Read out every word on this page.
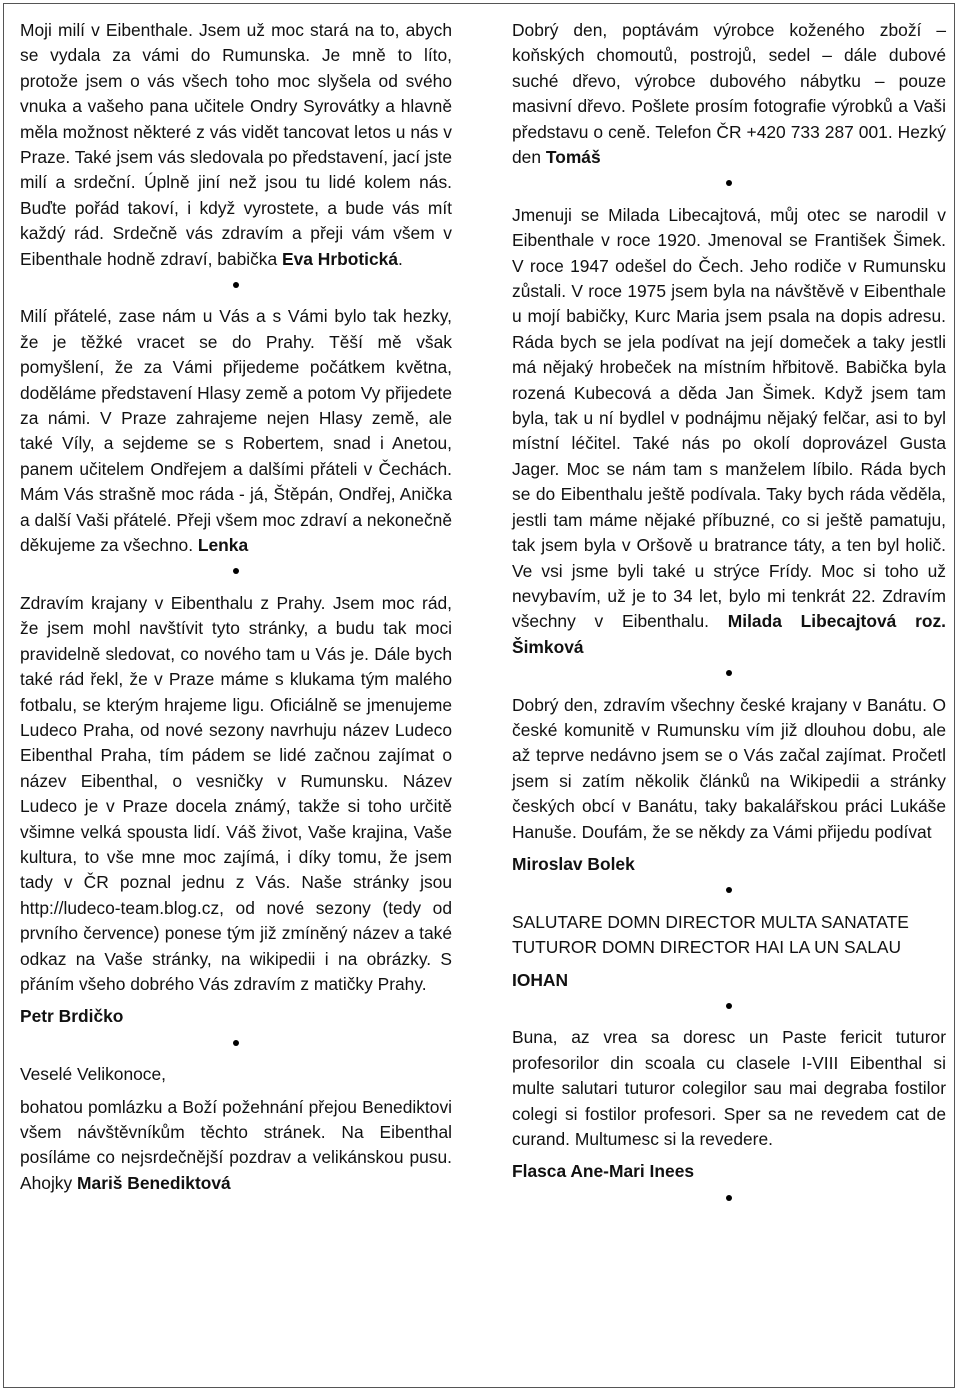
Moji milí v Eibenthale. Jsem už moc stará na to, abych se vydala za vámi do Rumunska. Je mně to líto, protože jsem o vás všech toho moc slyšela od svého vnuka a vašeho pana učitele Ondry Syrovátky a hlavně měla možnost některé z vás vidět tancovat letos u nás v Praze. Také jsem vás sledovala po představení, jací jste milí a srdeční. Úplně jiní než jsou tu lidé kolem nás. Buďte pořád takoví, i když vyrostete, a bude vás mít každý rád. Srdečně vás zdravím a přeji vám všem v Eibenthale hodně zdraví, babička Eva Hrbotická.

Milí přátelé, zase nám u Vás a s Vámi bylo tak hezky, že je těžké vracet se do Prahy. Těší mě však pomyšlení, že za Vámi přijedeme počátkem května, doděláme představení Hlasy země a potom Vy přijedete za námi. V Praze zahrajeme nejen Hlasy země, ale také Víly, a sejdeme se s Robertem, snad i Anetou, panem učitelem Ondřejem a dalšími přáteli v Čechách. Mám Vás strašně moc ráda - já, Štěpán, Ondřej, Anička a další Vaši přátelé. Přeji všem moc zdraví a nekonečně děkujeme za všechno. Lenka

Zdravím krajany v Eibenthalu z Prahy. Jsem moc rád, že jsem mohl navštívit tyto stránky, a budu tak moci pravidelně sledovat, co nového tam u Vás je. Dále bych také rád řekl, že v Praze máme s klukama tým malého fotbalu, se kterým hrajeme ligu. Oficiálně se jmenujeme Ludeco Praha, od nové sezony navrhuju název Ludeco Eibenthal Praha, tím pádem se lidé začnou zajímat o název Eibenthal, o vesničky v Rumunsku. Název Ludeco je v Praze docela známý, takže si toho určitě všimne velká spousta lidí. Váš život, Vaše krajina, Vaše kultura, to vše mne moc zajímá, i díky tomu, že jsem tady v ČR poznal jednu z Vás. Naše stránky jsou http://ludeco-team.blog.cz, od nové sezony (tedy od prvního července) ponese tým již zmíněný název a také odkaz na Vaše stránky, na wikipedii i na obrázky. S přáním všeho dobrého Vás zdravím z matičky Prahy.

Petr Brdičko

Veselé Velikonoce,

bohatou pomlázku a Boží požehnání přejou Benediktovi všem návštěvníkům těchto stránek. Na Eibenthal posíláme co nejsrdečnější pozdrav a velikánskou pusu. Ahojky Mariš Benediktová

Dobrý den, poptávám výrobce koženého zboží – koňských chomoutů, postrojů, sedel – dále dubové suché dřevo, výrobce dubového nábytku – pouze masivní dřevo. Pošlete prosím fotografie výrobků a Vaši představu o ceně. Telefon ČR +420 733 287 001. Hezký den Tomáš

Jmenuji se Milada Libecajtová, můj otec se narodil v Eibenthale v roce 1920. Jmenoval se František Šimek. V roce 1947 odešel do Čech. Jeho rodiče v Rumunsku zůstali. V roce 1975 jsem byla na návštěvě v Eibenthale u mojí babičky, Kurc Maria jsem psala na dopis adresu. Ráda bych se jela podívat na její domeček a taky jestli má nějaký hrobeček na místním hřbitově. Babička byla rozená Kubecová a děda Jan Šimek. Když jsem tam byla, tak u ní bydlel v podnájmu nějaký felčar, asi to byl místní léčitel. Také nás po okolí doprovázel Gusta Jager. Moc se nám tam s manželem líbilo. Ráda bych se do Eibenthalu ještě podívala. Taky bych ráda věděla, jestli tam máme nějaké příbuzné, co si ještě pamatuju, tak jsem byla v Oršově u bratrance táty, a ten byl holič. Ve vsi jsme byli také u strýce Frídy. Moc si toho už nevybavím, už je to 34 let, bylo mi tenkrát 22. Zdravím všechny v Eibenthalu. Milada Libecajtová roz. Šimková

Dobrý den, zdravím všechny české krajany v Banátu. O české komunitě v Rumunsku vím již dlouhou dobu, ale až teprve nedávno jsem se o Vás začal zajímat. Pročetl jsem si zatím několik článků na Wikipedii a stránky českých obcí v Banátu, taky bakalářskou práci Lukáše Hanuše. Doufám, že se někdy za Vámi přijedu podívat

Miroslav Bolek

SALUTARE DOMN DIRECTOR MULTA SANATATE TUTUROR DOMN DIRECTOR HAI LA UN SALAU

IOHAN

Buna, az vrea sa doresc un Paste fericit tuturor profesorilor din scoala cu clasele I-VIII Eibenthal si multe salutari tuturor colegilor sau mai degraba fostilor colegi si fostilor profesori. Sper sa ne revedem cat de curand. Multumesc si la revedere.

Flasca Ane-Mari Inees
